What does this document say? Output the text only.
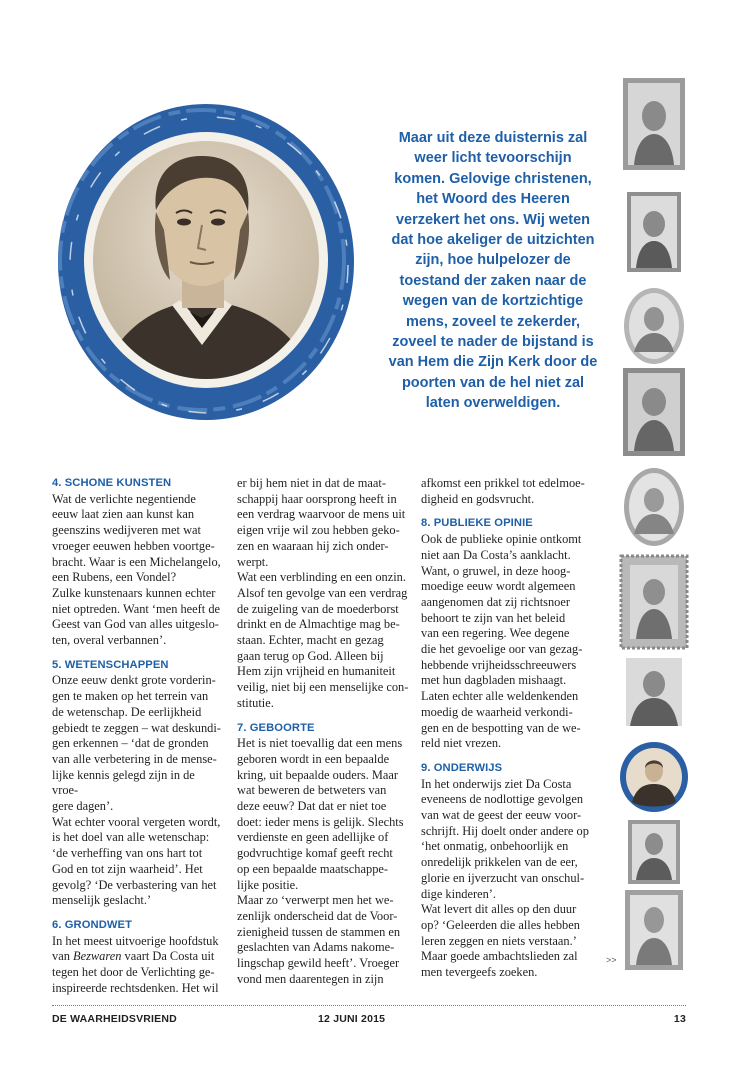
Maar uit deze duisternis zal
weer licht tevoorschijn
komen. Gelovige christenen,
het Woord des Heeren
verzekert het ons. Wij weten
dat hoe akeliger de uitzichten
zijn, hoe hulpelozer de
toestand der zaken naar de
wegen van de kortzichtige
mens, zoveel te zekerder,
zoveel te nader de bijstand is
van Hem die Zijn Kerk door de
poorten van de hel niet zal
laten overweldigen.
4. SCHONE KUNSTEN

Wat de verlichte negentiende

eeuw laat zien aan kunst kan

geenszins wedijveren met wat

vroeger eeuwen hebben voortge-

bracht. Waar is een Michelangelo,

een Rubens, een Vondel?

Zulke kunstenaars kunnen echter

niet optreden. Want ‘men heeft de

Geest van God van alles uitgeslo-

ten, overal verbannen’.

5. WETENSCHAPPEN

Onze eeuw denkt grote vorderin-

gen te maken op het terrein van

de wetenschap. De eerlijkheid

gebiedt te zeggen – wat deskundi-

gen erkennen – ‘dat de gronden

van alle verbetering in de mense-

lijke kennis gelegd zijn in de vroe-

gere dagen’.

Wat echter vooral vergeten wordt,

is het doel van alle wetenschap:

‘de verheffing van ons hart tot

God en tot zijn waarheid’. Het

gevolg? ‘De verbastering van het

menselijk geslacht.’

6. GRONDWET

In het meest uitvoerige hoofdstuk

van Bezwaren vaart Da Costa uit

tegen het door de Verlichting ge-

inspireerde rechtsdenken. Het wil

er bij hem niet in dat de maat-

schappij haar oorsprong heeft in

een verdrag waarvoor de mens uit

eigen vrije wil zou hebben geko-

zen en waaraan hij zich onder-

werpt.

Wat een verblinding en een onzin.

Alsof ten gevolge van een verdrag

de zuigeling van de moederborst

drinkt en de Almachtige mag be-

staan. Echter, macht en gezag

gaan terug op God. Alleen bij

Hem zijn vrijheid en humaniteit

veilig, niet bij een menselijke con-

stitutie.

7. GEBOORTE

Het is niet toevallig dat een mens

geboren wordt in een bepaalde

kring, uit bepaalde ouders. Maar

wat beweren de betweters van

deze eeuw? Dat dat er niet toe

doet: ieder mens is gelijk. Slechts

verdienste en geen adellijke of

godvruchtige komaf geeft recht

op een bepaalde maatschappe-

lijke positie.

Maar zo ‘verwerpt men het we-

zenlijk onderscheid dat de Voor-

zienigheid tussen de stammen en

geslachten van Adams nakome-

lingschap gewild heeft’. Vroeger

vond men daarentegen in zijn

afkomst een prikkel tot edelmoe-

digheid en godsvrucht.

8. PUBLIEKE OPINIE

Ook de publieke opinie ontkomt

niet aan Da Costa’s aanklacht.

Want, o gruwel, in deze hoog-

moedige eeuw wordt algemeen

aangenomen dat zij richtsnoer

behoort te zijn van het beleid

van een regering. Wee degene

die het gevoelige oor van gezag-

hebbende vrijheidsschreeuwers

met hun dagbladen mishaagt.

Laten echter alle weldenkenden

moedig de waarheid verkondi-

gen en de bespotting van de we-

reld niet vrezen.

9. ONDERWIJS

In het onderwijs ziet Da Costa

eveneens de nodlottige gevolgen

van wat de geest der eeuw voor-

schrijft. Hij doelt onder andere op

‘het onmatig, onbehoorlijk en

onredelijk prikkelen van de eer,

glorie en ijverzucht van onschul-

dige kinderen’.

Wat levert dit alles op den duur

op? ‘Geleerden die alles hebben

leren zeggen en niets verstaan.’

Maar goede ambachtslieden zal

men tevergeefs zoeken.

>>
DE WAARHEIDSVRIEND	12 JUNI 2015	13
